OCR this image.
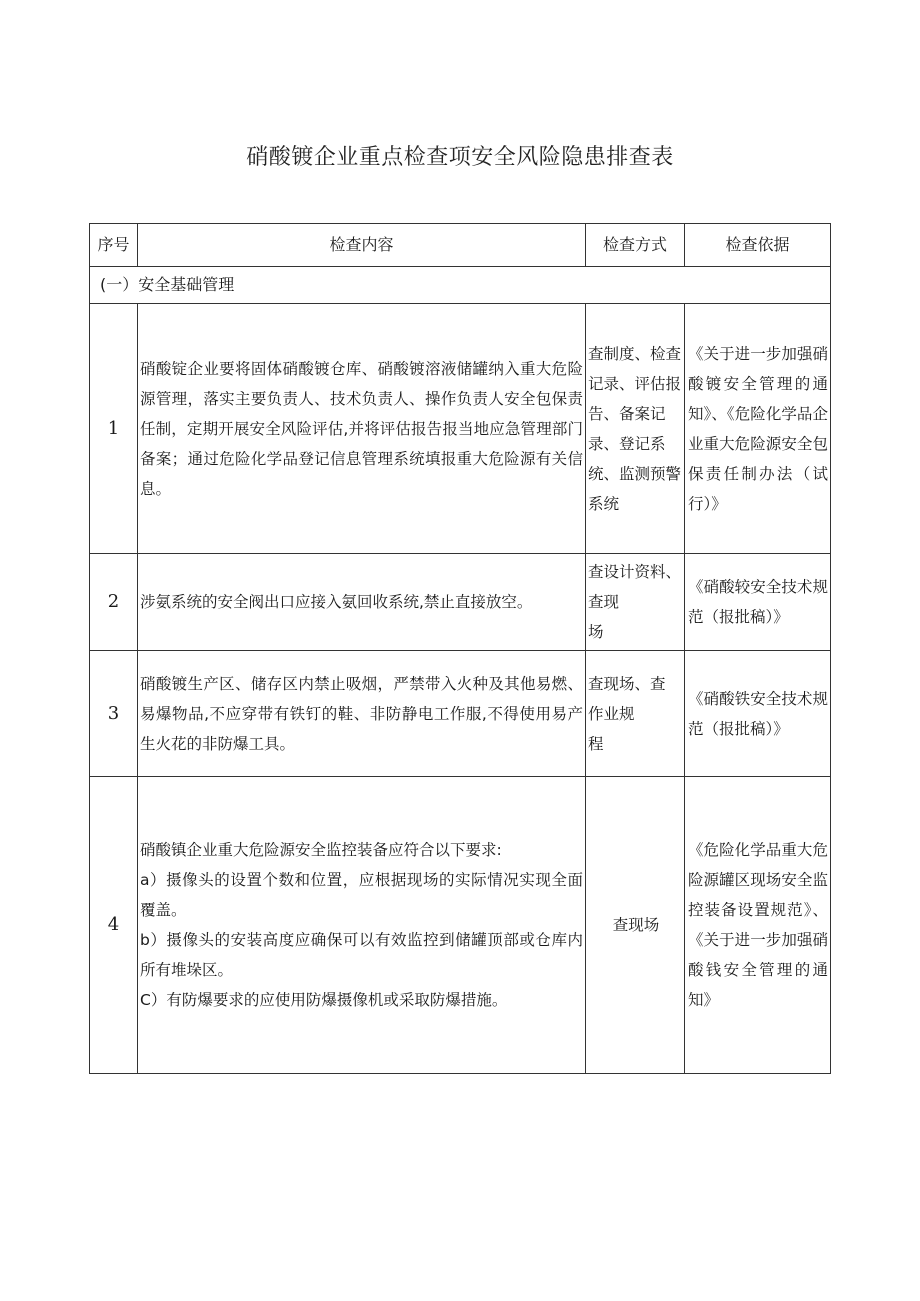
硝酸镀企业重点检查项安全风险隐患排查表
序号	检查内容	检查方式	检查依据
(一）安全基础管理			
1	硝酸锭企业要将固体硝酸镀仓库、硝酸镀溶液储罐纳入重大危险源管理，落实主要负责人、技术负责人、操作负责人安全包保责任制，定期开展安全风险评估,并将评估报告报当地应急管理部门备案；通过危险化学品登记信息管理系统填报重大危险源有关信息。	查制度、检查记录、评估报告、备案记录、登记系统、监测预警系统	《关于进一步加强硝酸镀安全管理的通知》、《危险化学品企业重大危险源安全包保责任制办法（试行）》
2	涉氨系统的安全阀出口应接入氨回收系统,禁止直接放空。	查设计资料、
查现
场	《硝酸较安全技术规范（报批稿）》
3	硝酸镀生产区、储存区内禁止吸烟，严禁带入火种及其他易燃、易爆物品,不应穿带有铁钉的鞋、非防静电工作服,不得使用易产生火花的非防爆工具。	查现场、查
作业规
程	《硝酸铁安全技术规范（报批稿）》
4	硝酸镇企业重大危险源安全监控装备应符合以下要求:
a）摄像头的设置个数和位置，应根据现场的实际情况实现全面覆盖。
b）摄像头的安装高度应确保可以有效监控到储罐顶部或仓库内所有堆垛区。
C）有防爆要求的应使用防爆摄像机或采取防爆措施。	查现场	《危险化学品重大危险源罐区现场安全监控装备设置规范》、《关于进一步加强硝酸钱安全管理的通知》
